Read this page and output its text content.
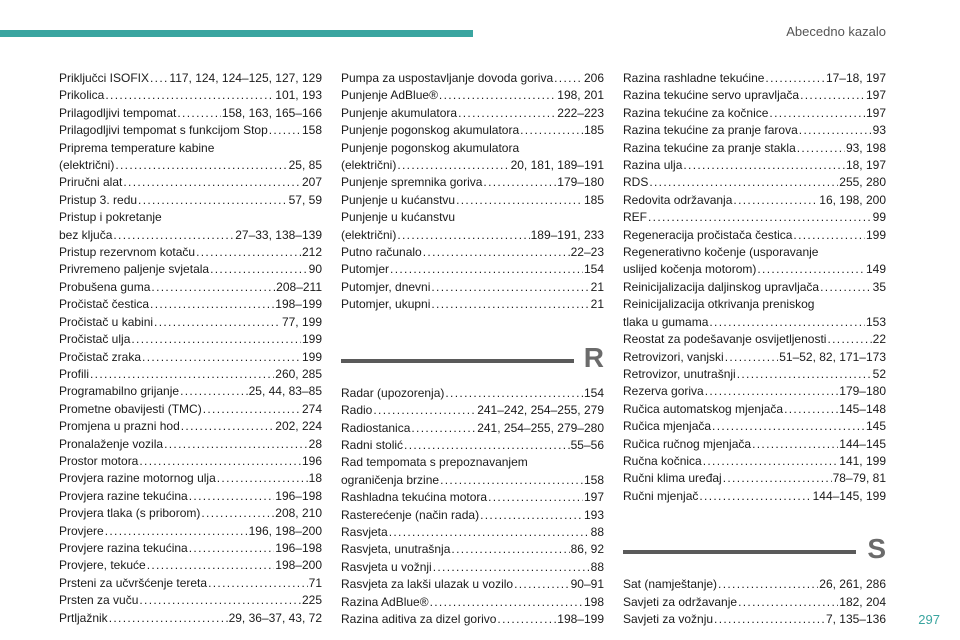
Abecedno kazalo
Priključci ISOFIX . . . 117, 124, 124–125, 127, 129
Prikolica . . .	101, 193
Prilagodljivi tempomat . . .	158, 163, 165–166
Prilagodljivi tempomat s funkcijom Stop . . .	158
Priprema temperature kabine
(električni) . . .	25, 85
Priručni alat . . .	207
Pristup 3. redu . . .	57, 59
Pristup i pokretanje
bez ključa . . .	27–33, 138–139
Pristup rezervnom kotaču . . .	212
Privremeno paljenje svjetala . . .	90
Probušena guma . . .	208–211
Pročistač čestica . . .	198–199
Pročistač u kabini . . .	77, 199
Pročistač ulja . . .	199
Pročistač zraka . . .	199
Profili . . .	260, 285
Programabilno grijanje . . .	25, 44, 83–85
Prometne obavijesti (TMC) . . .	274
Promjena u prazni hod . . .	202, 224
Pronalaženje vozila . . .	28
Prostor motora . . .	196
Provjera razine motornog ulja . . .	18
Provjera razine tekućina . . .	196–198
Provjera tlaka (s priborom) . . .	208, 210
Provjere . . .	196, 198–200
Provjere razina tekućina . . .	196–198
Provjere, tekuće . . .	198–200
Prsteni za učvršćenje tereta . . .	71
Prsten za vuču . . .	225
Prtljažnik . . .	29, 36–37, 43, 72
Pumpa za uspostavljanje dovoda goriva . . .	206
Punjenje AdBlue® . . .	198, 201
Punjenje akumulatora . . .	222–223
Punjenje pogonskog akumulatora . . .	185
Punjenje pogonskog akumulatora
(električni) . . .	20, 181, 189–191
Punjenje spremnika goriva . . .	179–180
Punjenje u kućanstvu . . .	185
Punjenje u kućanstvu
(električni) . . .	189–191, 233
Putno računalo . . .	22–23
Putomjer . . .	154
Putomjer, dnevni . . .	21
Putomjer, ukupni . . .	21
R
Radar (upozorenja) . . .	154
Radio . . .	241–242, 254–255, 279
Radiostanica . . .	241, 254–255, 279–280
Radni stolić . . .	55–56
Rad tempomata s prepoznavanjem
ograničenja brzine . . .	158
Rashladna tekućina motora . . .	197
Rasterećenje (način rada) . . .	193
Rasvjeta . . .	88
Rasvjeta, unutrašnja . . .	86, 92
Rasvjeta u vožnji . . .	88
Rasvjeta za lakši ulazak u vozilo . . .	90–91
Razina AdBlue® . . .	198
Razina aditiva za dizel gorivo . . .	198–199
Razina rashladne tekućine . . .	17–18, 197
Razina tekućine servo upravljača . . .	197
Razina tekućine za kočnice . . .	197
Razina tekućine za pranje farova . . .	93
Razina tekućine za pranje stakla . . .	93, 198
Razina ulja . . .	18, 197
RDS . . .	255, 280
Redovita održavanja . . .	16, 198, 200
REF . . .	99
Regeneracija pročistača čestica . . .	199
Regenerativno kočenje (usporavanje
uslijed kočenja motorom) . . .	149
Reinicijalizacija daljinskog upravljača . . .	35
Reinicijalizacija otkrivanja preniskog
tlaka u gumama . . .	153
Reostat za podešavanje osvijetljenosti . . .	22
Retrovizori, vanjski . . .	51–52, 82, 171–173
Retrovizor, unutrašnji . . .	52
Rezerva goriva . . .	179–180
Ručica automatskog mjenjača . . .	145–148
Ručica mjenjača . . .	145
Ručica ručnog mjenjača . . .	144–145
Ručna kočnica . . .	141, 199
Ručni klima uređaj . . .	78–79, 81
Ručni mjenjač . . .	144–145, 199
S
Sat (namještanje) . . .	26, 261, 286
Savjeti za održavanje . . .	182, 204
Savjeti za vožnju . . .	7, 135–136 297
